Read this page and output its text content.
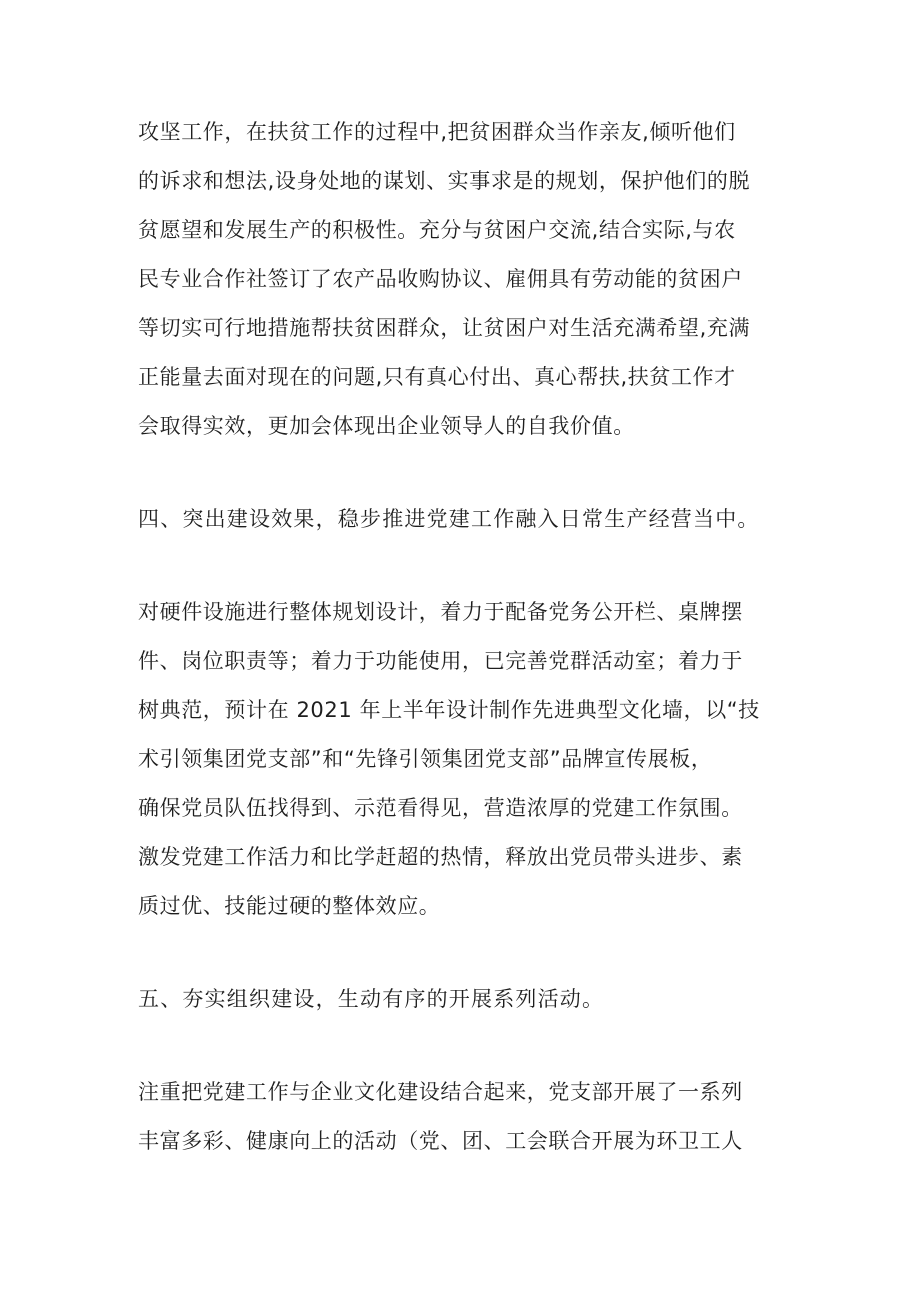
攻坚工作，在扶贫工作的过程中,把贫困群众当作亲友,倾听他们
的诉求和想法,设身处地的谋划、实事求是的规划，保护他们的脱
贫愿望和发展生产的积极性。充分与贫困户交流,结合实际,与农
民专业合作社签订了农产品收购协议、雇佣具有劳动能的贫困户
等切实可行地措施帮扶贫困群众，让贫困户对生活充满希望,充满
正能量去面对现在的问题,只有真心付出、真心帮扶,扶贫工作才
会取得实效，更加会体现出企业领导人的自我价值。
四、突出建设效果，稳步推进党建工作融入日常生产经营当中。
对硬件设施进行整体规划设计，着力于配备党务公开栏、桌牌摆
件、岗位职责等；着力于功能使用，已完善党群活动室；着力于
树典范，预计在 2021 年上半年设计制作先进典型文化墙，以“技
术引领集团党支部”和“先锋引领集团党支部”品牌宣传展板，
确保党员队伍找得到、示范看得见，营造浓厚的党建工作氛围。
激发党建工作活力和比学赶超的热情，释放出党员带头进步、素
质过优、技能过硬的整体效应。
五、夯实组织建设，生动有序的开展系列活动。
注重把党建工作与企业文化建设结合起来，党支部开展了一系列
丰富多彩、健康向上的活动（党、团、工会联合开展为环卫工人
